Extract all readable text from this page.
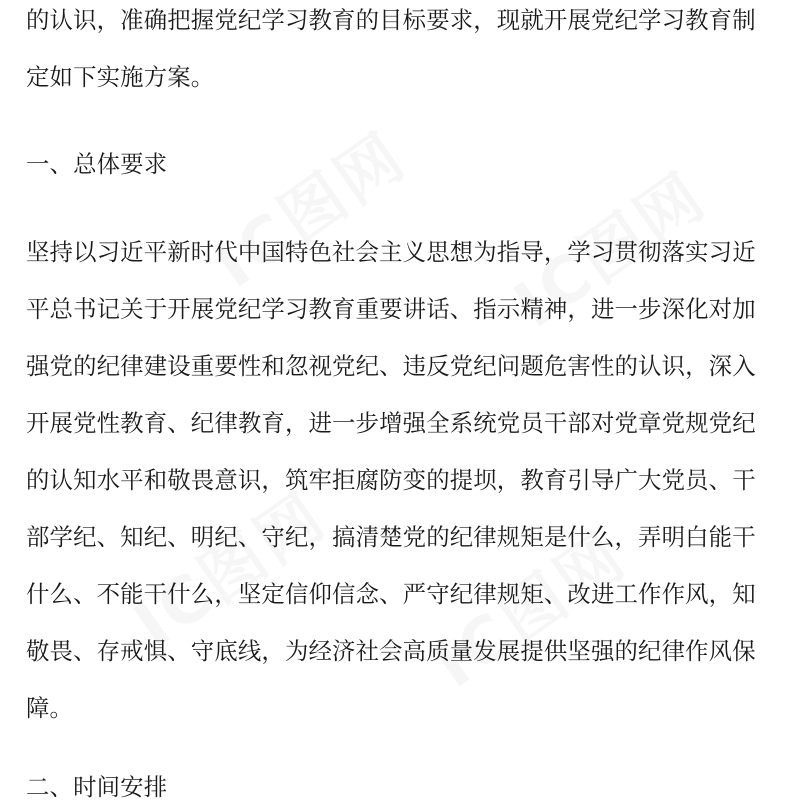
的认识，准确把握党纪学习教育的目标要求，现就开展党纪学习教育制
定如下实施方案。
一、总体要求
坚持以习近平新时代中国特色社会主义思想为指导，学习贯彻落实习近
平总书记关于开展党纪学习教育重要讲话、指示精神，进一步深化对加
强党的纪律建设重要性和忽视党纪、违反党纪问题危害性的认识，深入
开展党性教育、纪律教育，进一步增强全系统党员干部对党章党规党纪
的认知水平和敬畏意识，筑牢拒腐防变的提坝，教育引导广大党员、干
部学纪、知纪、明纪、守纪，搞清楚党的纪律规矩是什么，弄明白能干
什么、不能干什么，坚定信仰信念、严守纪律规矩、改进工作作风，知
敬畏、存戒惧、守底线，为经济社会高质量发展提供坚强的纪律作风保
障。
二、时间安排
